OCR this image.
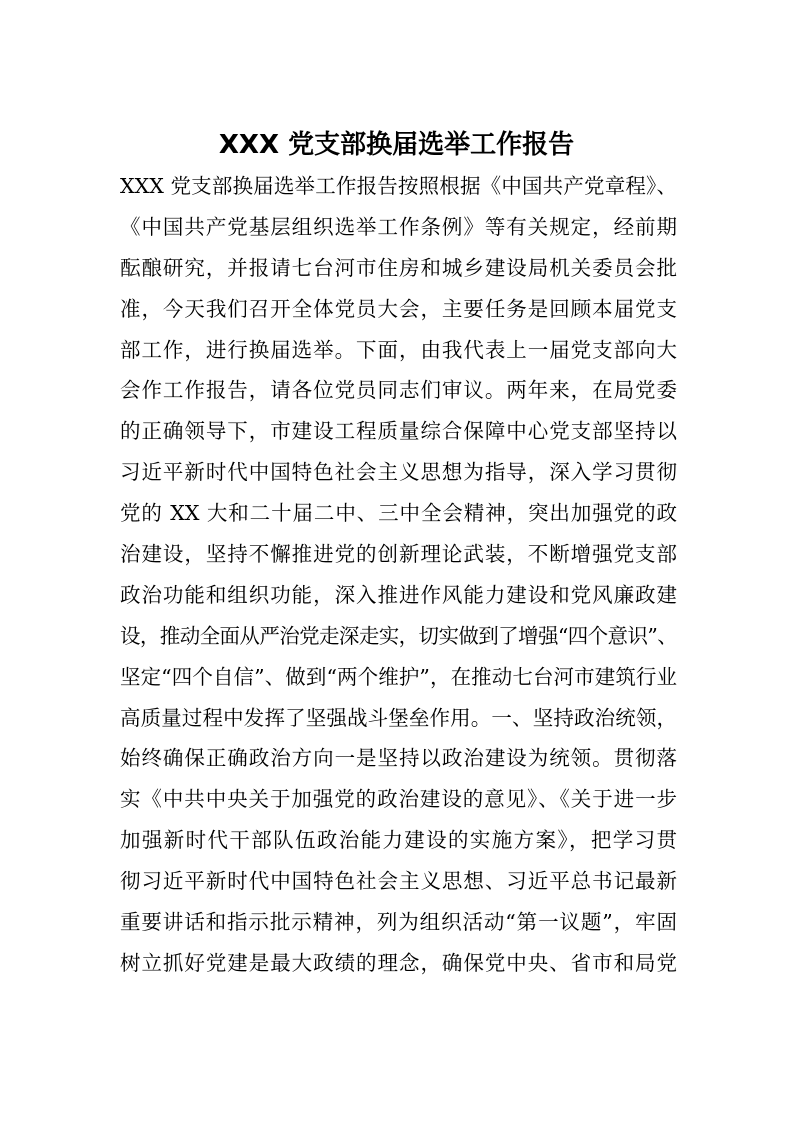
XXX 党支部换届选举工作报告
XXX 党支部换届选举工作报告按照根据《中国共产党章程》、
《中国共产党基层组织选举工作条例》等有关规定，经前期
酝酿研究，并报请七台河市住房和城乡建设局机关委员会批
准，今天我们召开全体党员大会，主要任务是回顾本届党支
部工作，进行换届选举。下面，由我代表上一届党支部向大
会作工作报告，请各位党员同志们审议。两年来，在局党委
的正确领导下，市建设工程质量综合保障中心党支部坚持以
习近平新时代中国特色社会主义思想为指导，深入学习贯彻
党的 XX 大和二十届二中、三中全会精神，突出加强党的政
治建设，坚持不懈推进党的创新理论武装，不断增强党支部
政治功能和组织功能，深入推进作风能力建设和党风廉政建
设，推动全面从严治党走深走实，切实做到了增强“四个意识”、
坚定“四个自信”、做到“两个维护”，在推动七台河市建筑行业
高质量过程中发挥了坚强战斗堡垒作用。一、坚持政治统领，
始终确保正确政治方向一是坚持以政治建设为统领。贯彻落
实《中共中央关于加强党的政治建设的意见》、《关于进一步
加强新时代干部队伍政治能力建设的实施方案》，把学习贯
彻习近平新时代中国特色社会主义思想、习近平总书记最新
重要讲话和指示批示精神，列为组织活动“第一议题”，牢固
树立抓好党建是最大政绩的理念，确保党中央、省市和局党
